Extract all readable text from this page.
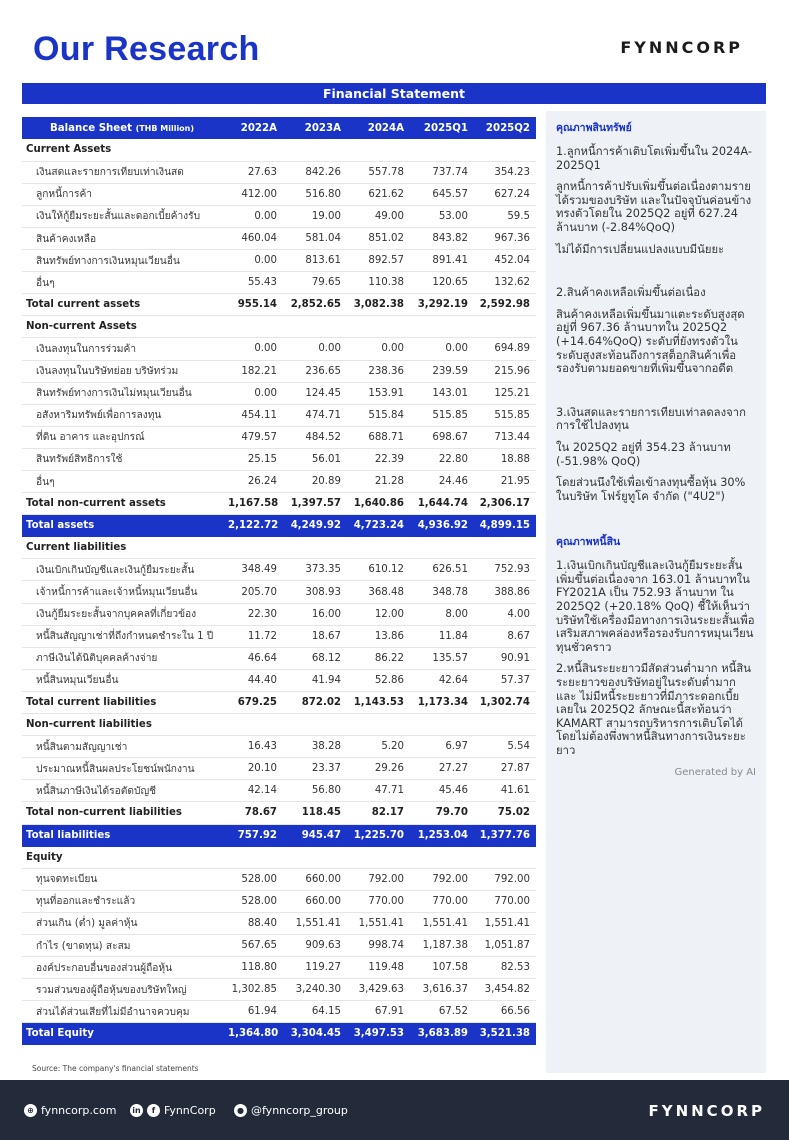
Our Research	FYNNCORP
Financial Statement
Balance Sheet (THB Million)	2022A	2023A	2024A	2025Q1	2025Q2
Current Assets					
เงินสดและรายการเทียบเท่าเงินสด	27.63	842.26	557.78	737.74	354.23
ลูกหนี้การค้า	412.00	516.80	621.62	645.57	627.24
เงินให้กู้ยืมระยะสั้นและดอกเบี้ยค้างรับ	0.00	19.00	49.00	53.00	59.5
สินค้าคงเหลือ	460.04	581.04	851.02	843.82	967.36
สินทรัพย์ทางการเงินหมุนเวียนอื่น	0.00	813.61	892.57	891.41	452.04
อื่นๆ	55.43	79.65	110.38	120.65	132.62
Total current assets	955.14	2,852.65	3,082.38	3,292.19	2,592.98
Non-current Assets					
เงินลงทุนในการร่วมค้า	0.00	0.00	0.00	0.00	694.89
เงินลงทุนในบริษัทย่อย บริษัทร่วม	182.21	236.65	238.36	239.59	215.96
สินทรัพย์ทางการเงินไม่หมุนเวียนอื่น	0.00	124.45	153.91	143.01	125.21
อสังหาริมทรัพย์เพื่อการลงทุน	454.11	474.71	515.84	515.85	515.85
ที่ดิน อาคาร และอุปกรณ์	479.57	484.52	688.71	698.67	713.44
สินทรัพย์สิทธิการใช้	25.15	56.01	22.39	22.80	18.88
อื่นๆ	26.24	20.89	21.28	24.46	21.95
Total non-current assets	1,167.58	1,397.57	1,640.86	1,644.74	2,306.17
Total assets	2,122.72	4,249.92	4,723.24	4,936.92	4,899.15
Current liabilities					
เงินเบิกเกินบัญชีและเงินกู้ยืมระยะสั้น	348.49	373.35	610.12	626.51	752.93
เจ้าหนี้การค้าและเจ้าหนี้หมุนเวียนอื่น	205.70	308.93	368.48	348.78	388.86
เงินกู้ยืมระยะสั้นจากบุคคลที่เกี่ยวข้อง	22.30	16.00	12.00	8.00	4.00
หนี้สินสัญญาเช่าที่ถึงกำหนดชำระใน 1 ปี	11.72	18.67	13.86	11.84	8.67
ภาษีเงินได้นิติบุคคลค้างจ่าย	46.64	68.12	86.22	135.57	90.91
หนี้สินหมุนเวียนอื่น	44.40	41.94	52.86	42.64	57.37
Total current liabilities	679.25	872.02	1,143.53	1,173.34	1,302.74
Non-current liabilities					
หนี้สินตามสัญญาเช่า	16.43	38.28	5.20	6.97	5.54
ประมาณหนี้สินผลประโยชน์พนักงาน	20.10	23.37	29.26	27.27	27.87
หนี้สินภาษีเงินได้รอตัดบัญชี	42.14	56.80	47.71	45.46	41.61
Total non-current liabilities	78.67	118.45	82.17	79.70	75.02
Total liabilities	757.92	945.47	1,225.70	1,253.04	1,377.76
Equity					
ทุนจดทะเบียน	528.00	660.00	792.00	792.00	792.00
ทุนที่ออกและชำระแล้ว	528.00	660.00	770.00	770.00	770.00
ส่วนเกิน (ต่ำ) มูลค่าหุ้น	88.40	1,551.41	1,551.41	1,551.41	1,551.41
กำไร (ขาดทุน) สะสม	567.65	909.63	998.74	1,187.38	1,051.87
องค์ประกอบอื่นของส่วนผู้ถือหุ้น	118.80	119.27	119.48	107.58	82.53
รวมส่วนของผู้ถือหุ้นของบริษัทใหญ่	1,302.85	3,240.30	3,429.63	3,616.37	3,454.82
ส่วนได้ส่วนเสียที่ไม่มีอำนาจควบคุม	61.94	64.15	67.91	67.52	66.56
Total Equity	1,364.80	3,304.45	3,497.53	3,683.89	3,521.38
Source: The company's financial statements
คุณภาพสินทรัพย์
1.ลูกหนี้การค้าเติบโตเพิ่มขึ้นใน 2024A-2025Q1
ลูกหนี้การค้าปรับเพิ่มขึ้นต่อเนื่องตามรายได้รวมของบริษัท และในปัจจุบันค่อนข้างทรงตัวโดยใน 2025Q2 อยู่ที่ 627.24 ล้านบาท (-2.84%QoQ)
ไม่ได้มีการเปลี่ยนแปลงแบบมีนัยยะ
2.สินค้าคงเหลือเพิ่มขึ้นต่อเนื่อง
สินค้าคงเหลือเพิ่มขึ้นมาแตะระดับสูงสุดอยู่ที่ 967.36 ล้านบาทใน 2025Q2 (+14.64%QoQ) ระดับที่ยังทรงตัวในระดับสูงสะท้อนถึงการสต็อกสินค้าเพื่อรองรับตามยอดขายที่เพิ่มขึ้นจากอดีต
3.เงินสดและรายการเทียบเท่าลดลงจากการใช้ไปลงทุน
ใน 2025Q2 อยู่ที่ 354.23 ล้านบาท (-51.98% QoQ)
โดยส่วนนึงใช้เพื่อเข้าลงทุนซื้อหุ้น 30% ในบริษัท โฟร์ยูทูโค จำกัด ("4U2")
คุณภาพหนี้สิน
1.เงินเบิกเกินบัญชีและเงินกู้ยืมระยะสั้นเพิ่มขึ้นต่อเนื่องจาก 163.01 ล้านบาทใน FY2021A เป็น 752.93 ล้านบาท ใน 2025Q2 (+20.18% QoQ) ชี้ให้เห็นว่าบริษัทใช้เครื่องมือทางการเงินระยะสั้นเพื่อเสริมสภาพคล่องหรือรองรับการหมุนเวียนทุนชั่วคราว
2.หนี้สินระยะยาวมีสัดส่วนต่ำมาก หนี้สินระยะยาวของบริษัทอยู่ในระดับต่ำมากและ ไม่มีหนี้ระยะยาวที่มีภาระดอกเบี้ยเลยใน 2025Q2 ลักษณะนี้สะท้อนว่า KAMART สามารถบริหารการเติบโตได้โดยไม่ต้องพึ่งพาหนี้สินทางการเงินระยะยาว
Generated by AI
⊕ fynncorp.com in	f FynnCorp	● @fynncorp_group	FYNNCORP
